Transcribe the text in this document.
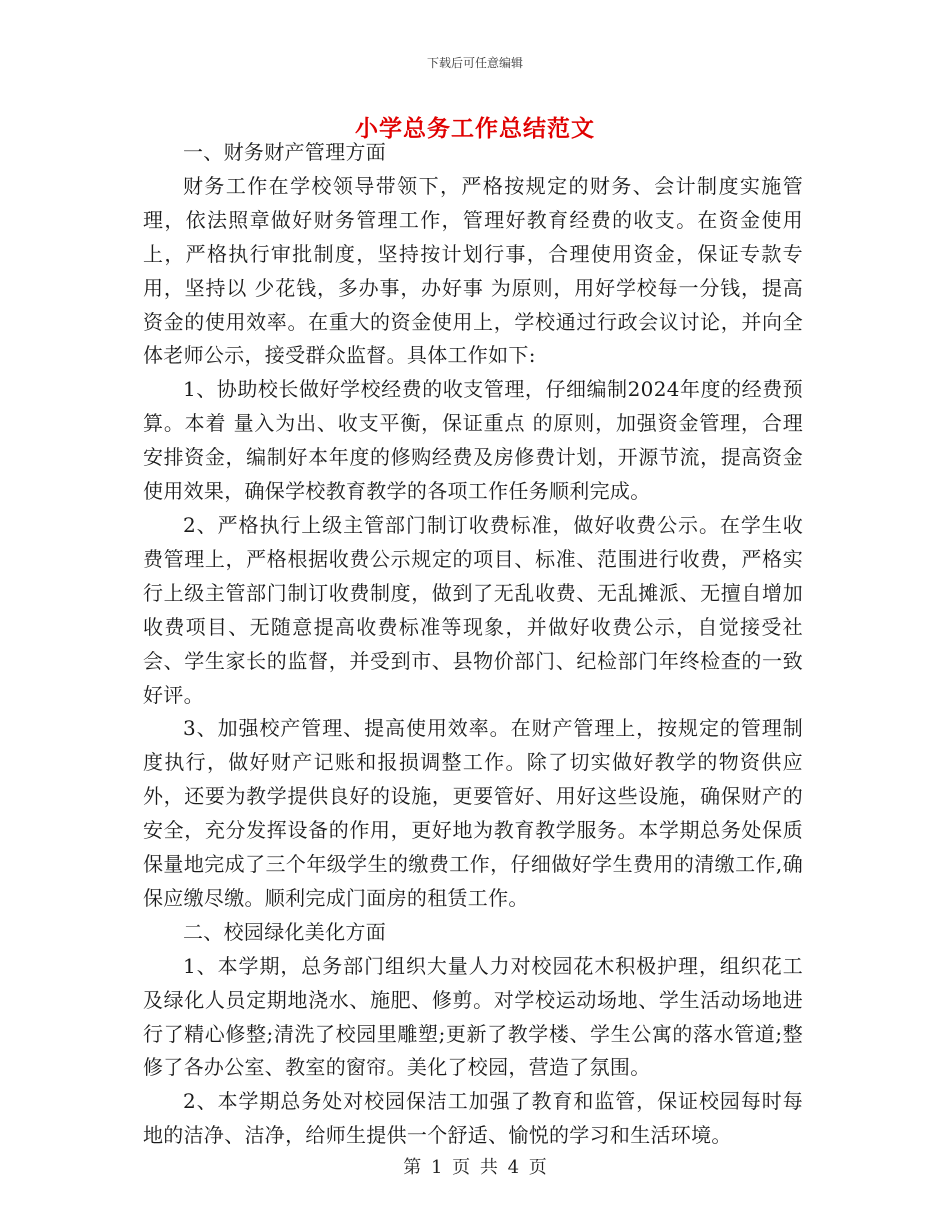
下载后可任意编辑
小学总务工作总结范文

一、财务财产管理方面

财务工作在学校领导带领下，严格按规定的财务、会计制度实施管理，依法照章做好财务管理工作，管理好教育经费的收支。在资金使用上，严格执行审批制度，坚持按计划行事，合理使用资金，保证专款专用，坚持以 少花钱，多办事，办好事 为原则，用好学校每一分钱，提高资金的使用效率。在重大的资金使用上，学校通过行政会议讨论，并向全体老师公示，接受群众监督。具体工作如下:

1、协助校长做好学校经费的收支管理，仔细编制2024年度的经费预算。本着 量入为出、收支平衡，保证重点 的原则，加强资金管理，合理安排资金，编制好本年度的修购经费及房修费计划，开源节流，提高资金使用效果，确保学校教育教学的各项工作任务顺利完成。

2、严格执行上级主管部门制订收费标准，做好收费公示。在学生收费管理上，严格根据收费公示规定的项目、标准、范围进行收费，严格实行上级主管部门制订收费制度，做到了无乱收费、无乱摊派、无擅自增加收费项目、无随意提高收费标准等现象，并做好收费公示，自觉接受社会、学生家长的监督，并受到市、县物价部门、纪检部门年终检查的一致好评。

3、加强校产管理、提高使用效率。在财产管理上，按规定的管理制度执行，做好财产记账和报损调整工作。除了切实做好教学的物资供应外，还要为教学提供良好的设施，更要管好、用好这些设施，确保财产的安全，充分发挥设备的作用，更好地为教育教学服务。本学期总务处保质保量地完成了三个年级学生的缴费工作，仔细做好学生费用的清缴工作,确保应缴尽缴。顺利完成门面房的租赁工作。

二、校园绿化美化方面

1、本学期，总务部门组织大量人力对校园花木积极护理，组织花工及绿化人员定期地浇水、施肥、修剪。对学校运动场地、学生活动场地进行了精心修整;清洗了校园里雕塑;更新了教学楼、学生公寓的落水管道;整修了各办公室、教室的窗帘。美化了校园，营造了氛围。

2、本学期总务处对校园保洁工加强了教育和监管，保证校园每时每地的洁净、洁净，给师生提供一个舒适、愉悦的学习和生活环境。

第 1 页 共 4 页
